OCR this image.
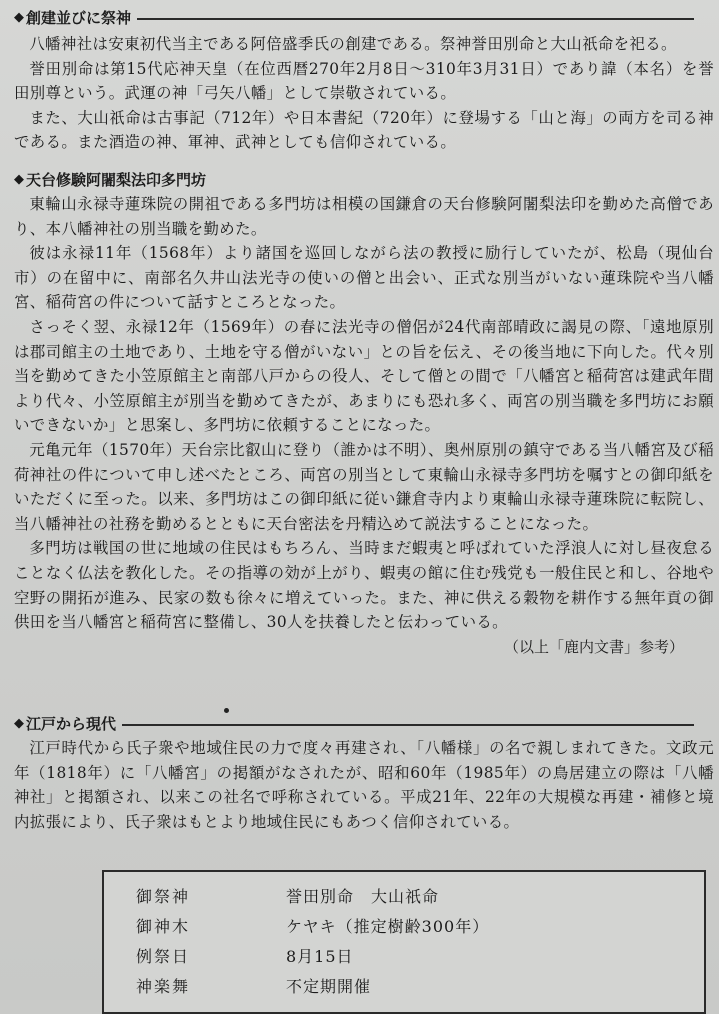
◆ 創建並びに祭神

八幡神社は安東初代当主である阿倍盛季氏の創建である。祭神誉田別命と大山祇命を祀る。

誉田別命は第15代応神天皇（在位西暦270年2月8日〜310年3月31日）であり諱（本名）を誉田別尊という。武運の神「弓矢八幡」として崇敬されている。

また、大山祇命は古事記（712年）や日本書紀（720年）に登場する「山と海」の両方を司る神である。また酒造の神、軍神、武神としても信仰されている。

◆ 天台修験阿闍梨法印多門坊

東輪山永禄寺蓮珠院の開祖である多門坊は相模の国鎌倉の天台修験阿闍梨法印を勤めた高僧であり、本八幡神社の別当職を勤めた。

彼は永禄11年（1568年）より諸国を巡回しながら法の教授に励行していたが、松島（現仙台市）の在留中に、南部名久井山法光寺の使いの僧と出会い、正式な別当がいない蓮珠院や当八幡宮、稲荷宮の件について話すところとなった。

さっそく翌、永禄12年（1569年）の春に法光寺の僧侶が24代南部晴政に謁見の際、「遠地原別は郡司館主の土地であり、土地を守る僧がいない」との旨を伝え、その後当地に下向した。代々別当を勤めてきた小笠原館主と南部八戸からの役人、そして僧との間で「八幡宮と稲荷宮は建武年間より代々、小笠原館主が別当を勤めてきたが、あまりにも恐れ多く、両宮の別当職を多門坊にお願いできないか」と思案し、多門坊に依頼することになった。

元亀元年（1570年）天台宗比叡山に登り（誰かは不明）、奥州原別の鎮守である当八幡宮及び稲荷神社の件について申し述べたところ、両宮の別当として東輪山永禄寺多門坊を嘱すとの御印紙をいただくに至った。以来、多門坊はこの御印紙に従い鎌倉寺内より東輪山永禄寺蓮珠院に転院し、当八幡神社の社務を勤めるとともに天台密法を丹精込めて説法することになった。

多門坊は戦国の世に地域の住民はもちろん、当時まだ蝦夷と呼ばれていた浮浪人に対し昼夜怠ることなく仏法を教化した。その指導の効が上がり、蝦夷の館に住む残党も一般住民と和し、谷地や空野の開拓が進み、民家の数も徐々に増えていった。また、神に供える穀物を耕作する無年貢の御供田を当八幡宮と稲荷宮に整備し、30人を扶養したと伝わっている。

（以上「鹿内文書」参考）
◆ 江戸から現代

江戸時代から氏子衆や地域住民の力で度々再建され、「八幡様」の名で親しまれてきた。文政元年（1818年）に「八幡宮」の掲額がなされたが、昭和60年（1985年）の鳥居建立の際は「八幡神社」と掲額され、以来この社名で呼称されている。平成21年、22年の大規模な再建・補修と境内拡張により、氏子衆はもとより地域住民にもあつく信仰されている。

御祭神	誉田別命　大山祇命
御神木	ケヤキ（推定樹齢300年）
例祭日	8月15日
神楽舞	不定期開催
